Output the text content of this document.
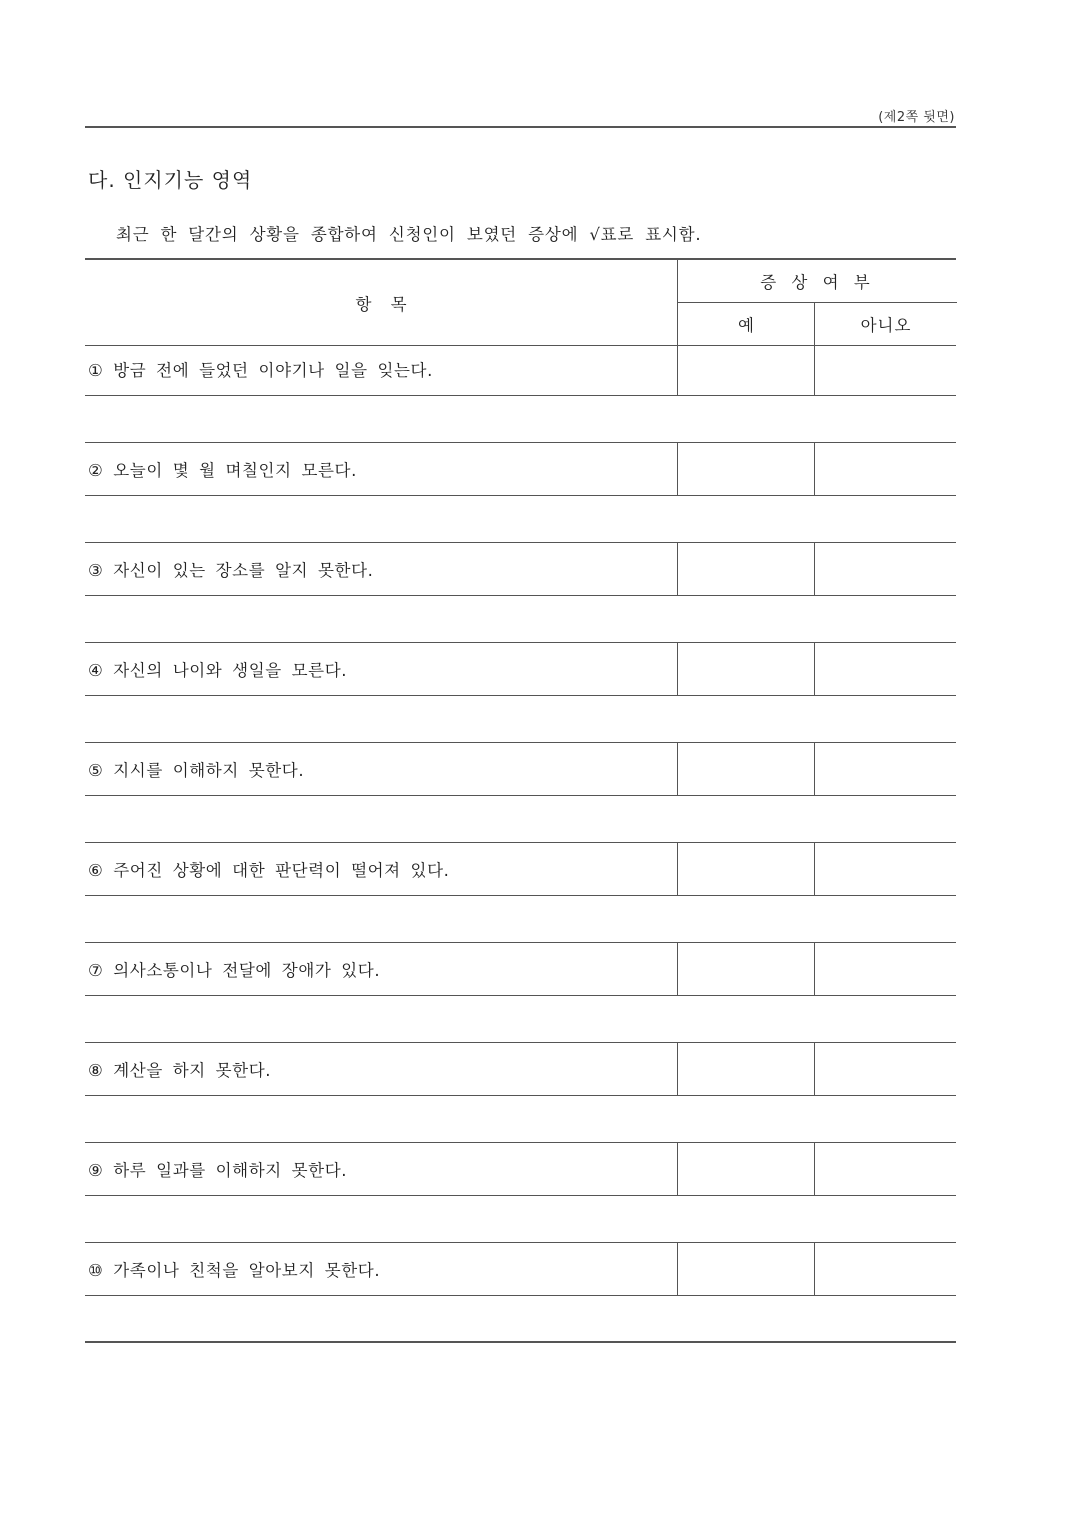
(제2쪽 뒷면)
다. 인지기능 영역
최근 한 달간의 상황을 종합하여 신청인이 보였던 증상에 √표로 표시함.
항 목
증 상 여 부
예	아니오
① 방금 전에 들었던 이야기나 일을 잊는다.
② 오늘이 몇 월 며칠인지 모른다.
③ 자신이 있는 장소를 알지 못한다.
④ 자신의 나이와 생일을 모른다.
⑤ 지시를 이해하지 못한다.
⑥ 주어진 상황에 대한 판단력이 떨어져 있다.
⑦ 의사소통이나 전달에 장애가 있다.
⑧ 계산을 하지 못한다.
⑨ 하루 일과를 이해하지 못한다.
⑩ 가족이나 친척을 알아보지 못한다.
